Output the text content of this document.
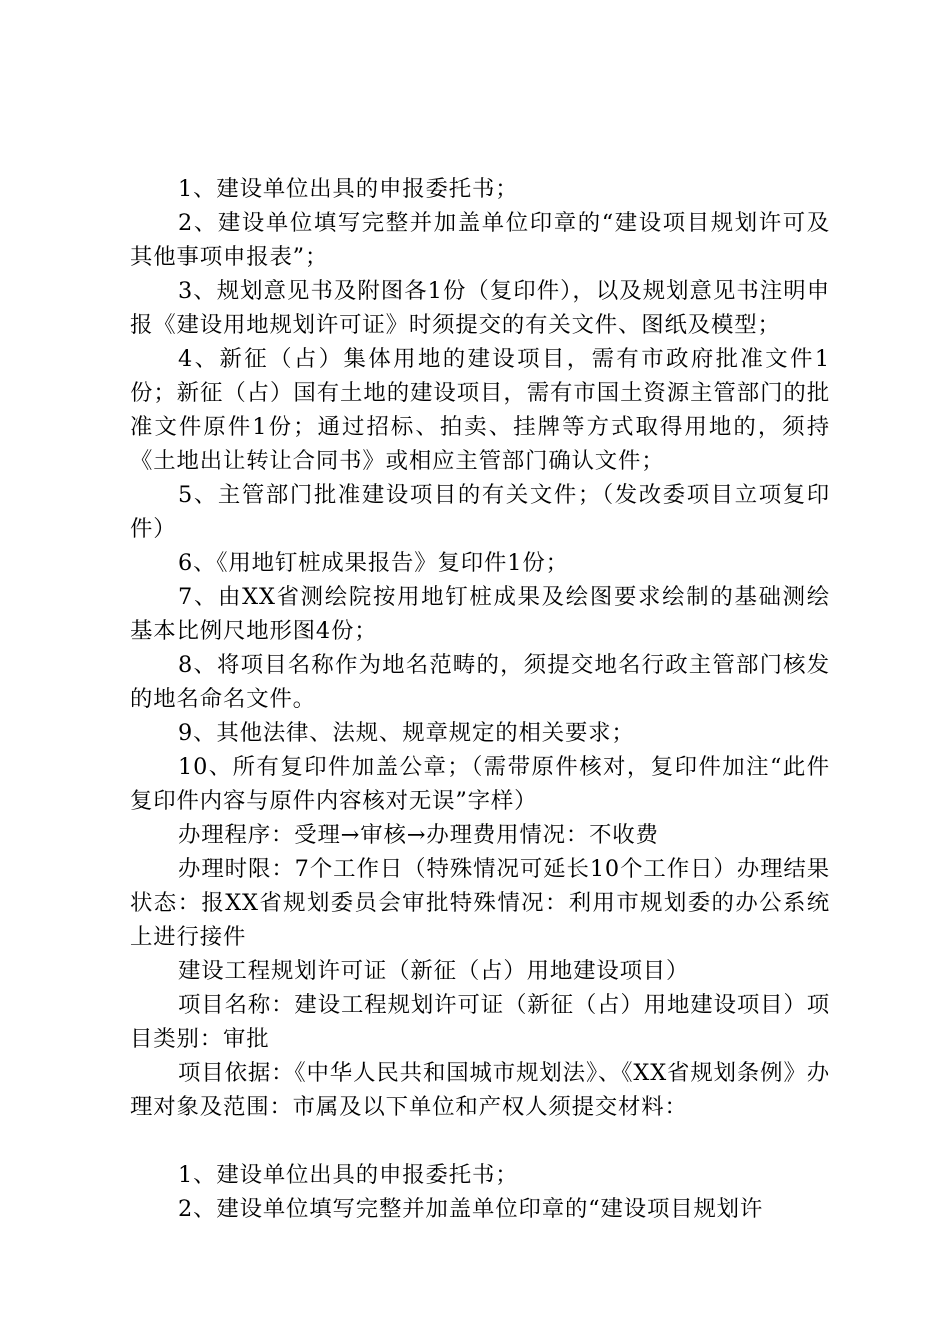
1、建设单位出具的申报委托书；

2、建设单位填写完整并加盖单位印章的“建设项目规划许可及其他事项申报表”；

3、规划意见书及附图各1份（复印件），以及规划意见书注明申报《建设用地规划许可证》时须提交的有关文件、图纸及模型；

4、新征（占）集体用地的建设项目，需有市政府批准文件1份；新征（占）国有土地的建设项目，需有市国土资源主管部门的批准文件原件1份；通过招标、拍卖、挂牌等方式取得用地的，须持《土地出让转让合同书》或相应主管部门确认文件；

5、主管部门批准建设项目的有关文件；（发改委项目立项复印件）

6、《用地钉桩成果报告》复印件1份；

7、由XX省测绘院按用地钉桩成果及绘图要求绘制的基础测绘基本比例尺地形图4份；

8、将项目名称作为地名范畴的，须提交地名行政主管部门核发的地名命名文件。

9、其他法律、法规、规章规定的相关要求；

10、所有复印件加盖公章；（需带原件核对，复印件加注“此件复印件内容与原件内容核对无误”字样）

办理程序：受理→审核→办理费用情况：不收费

办理时限：7个工作日（特殊情况可延长10个工作日）办理结果状态：报XX省规划委员会审批特殊情况：利用市规划委的办公系统上进行接件

建设工程规划许可证（新征（占）用地建设项目）

项目名称：建设工程规划许可证（新征（占）用地建设项目）项目类别：审批

项目依据：《中华人民共和国城市规划法》、《XX省规划条例》办理对象及范围：市属及以下单位和产权人须提交材料：

1、建设单位出具的申报委托书；

2、建设单位填写完整并加盖单位印章的“建设项目规划许
